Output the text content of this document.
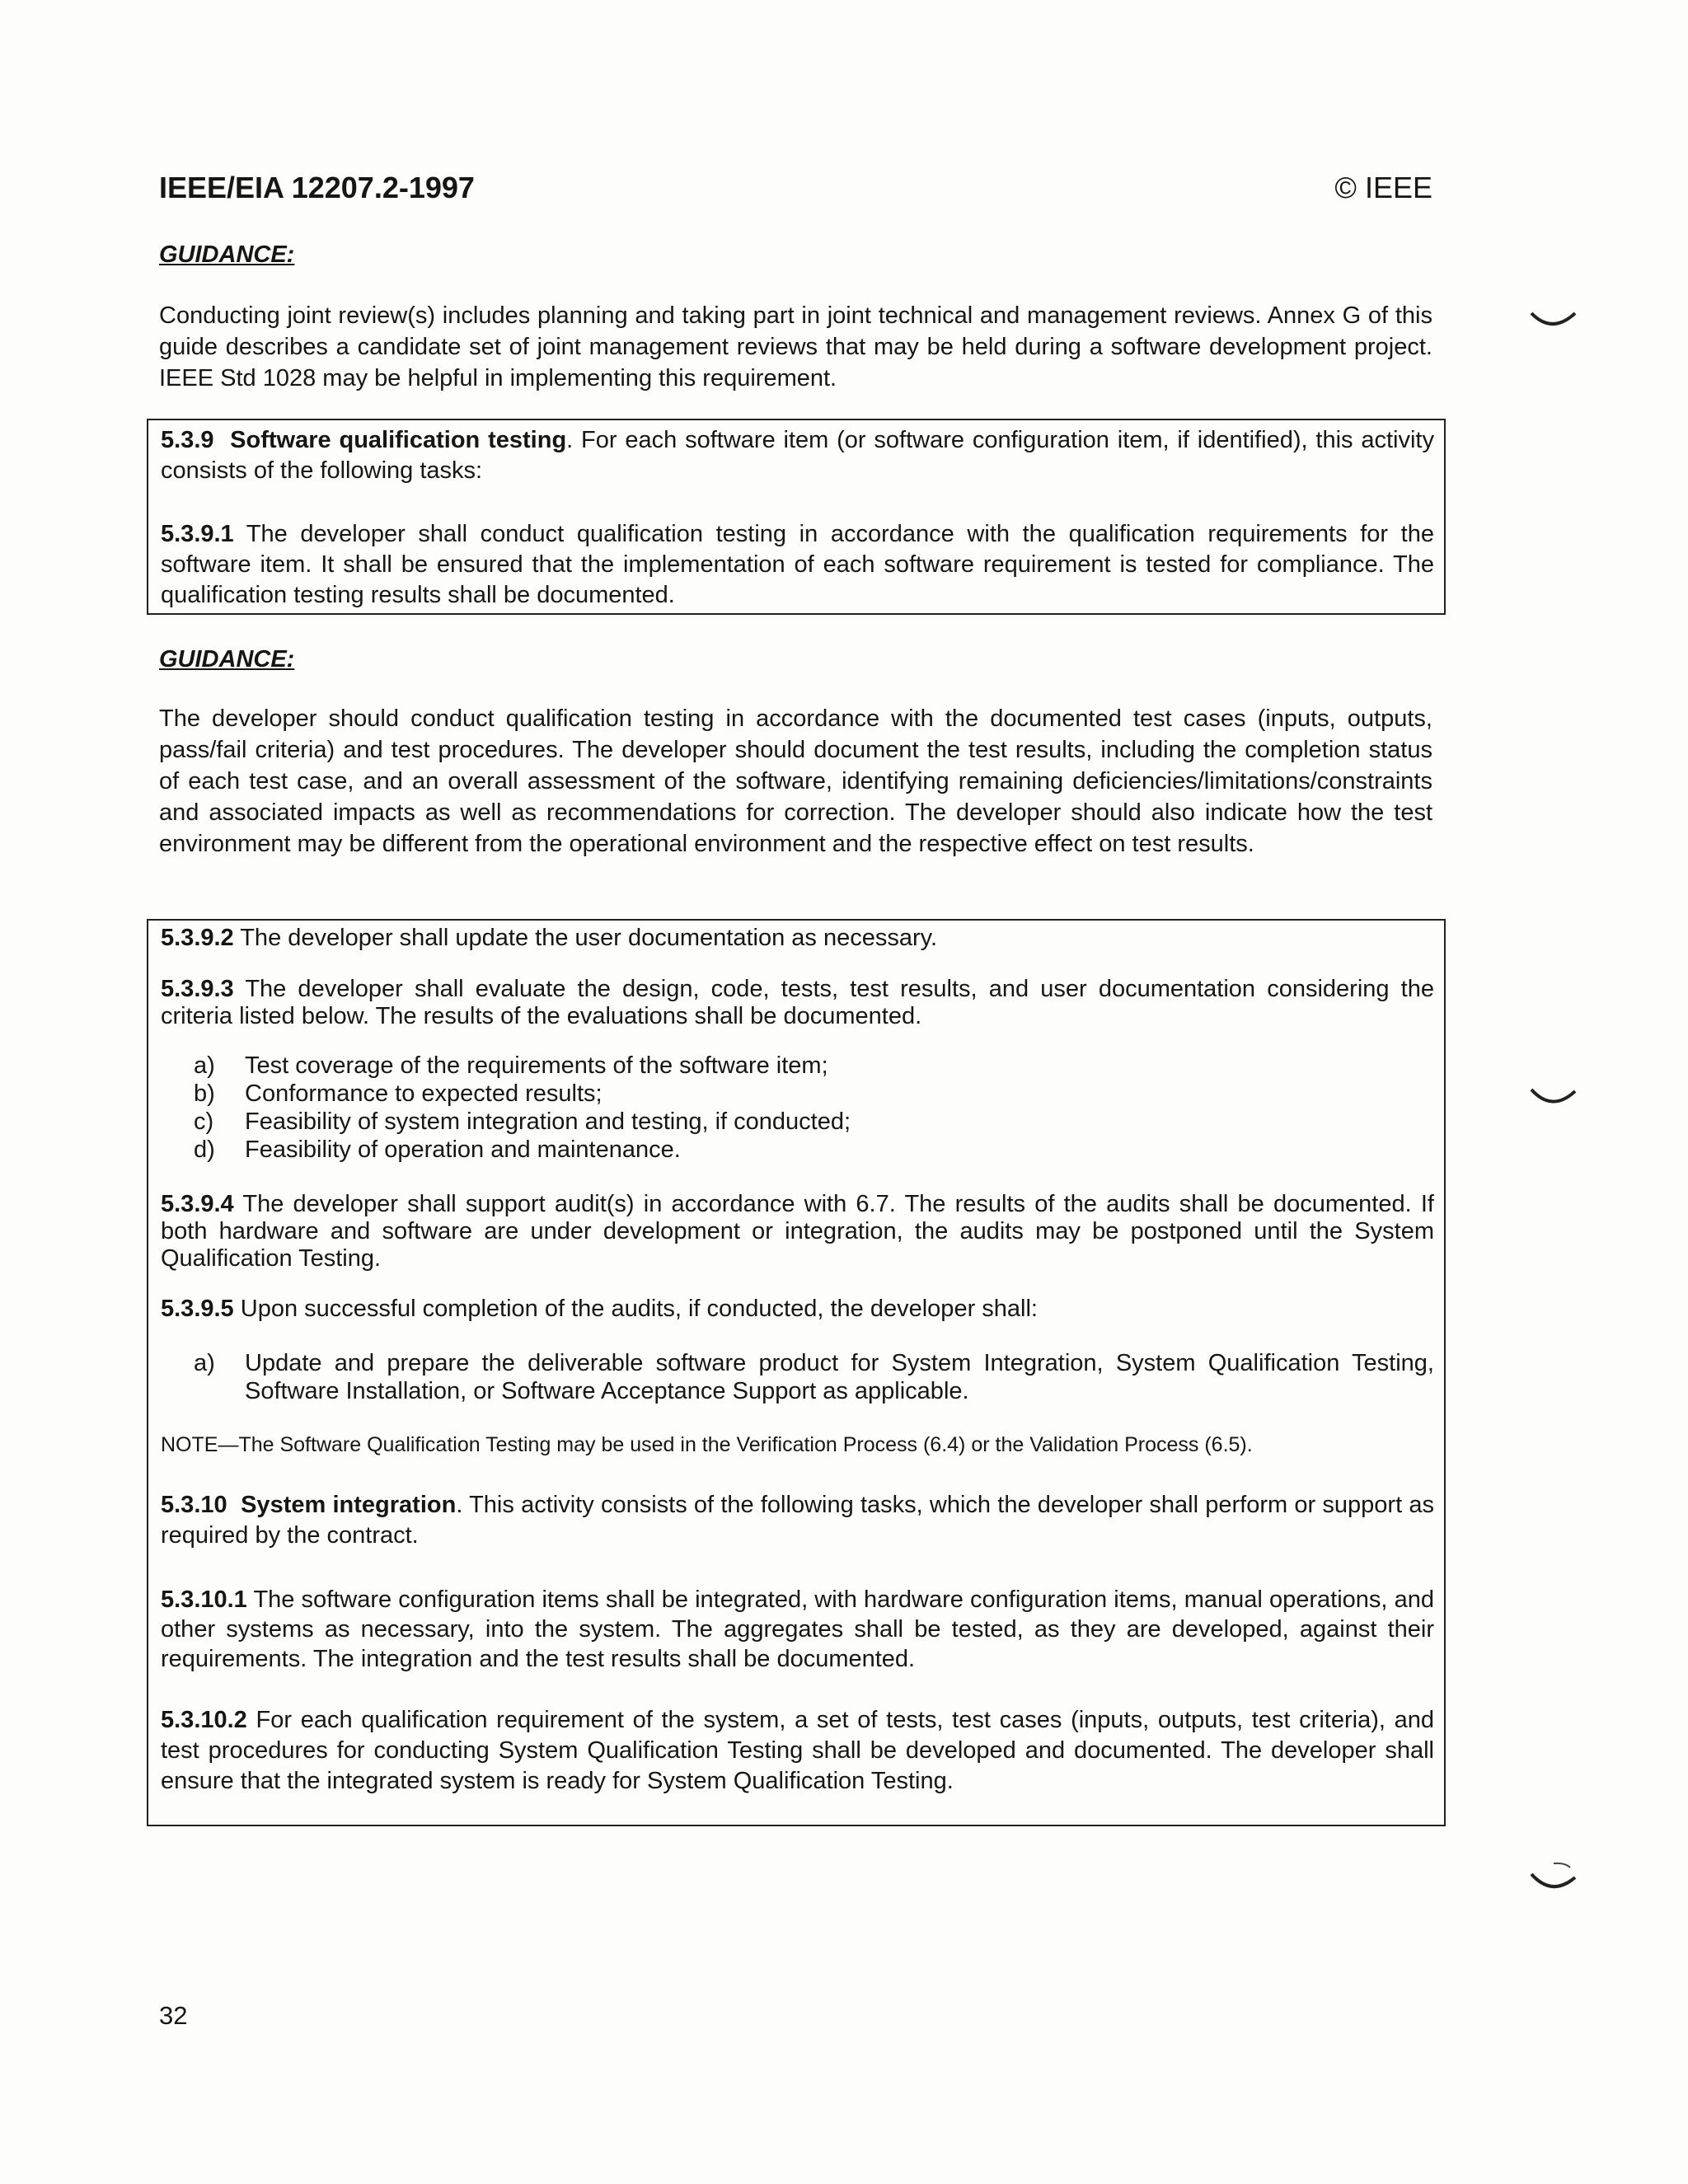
IEEE/EIA 12207.2-1997	© IEEE
GUIDANCE:

Conducting joint review(s) includes planning and taking part in joint technical and management reviews. Annex G of this guide describes a candidate set of joint management reviews that may be held during a software development project. IEEE Std 1028 may be helpful in implementing this requirement.

5.3.9 Software qualification testing. For each software item (or software configuration item, if identified), this activity consists of the following tasks:

5.3.9.1 The developer shall conduct qualification testing in accordance with the qualification requirements for the software item. It shall be ensured that the implementation of each software requirement is tested for compliance. The qualification testing results shall be documented.

GUIDANCE:

The developer should conduct qualification testing in accordance with the documented test cases (inputs, outputs, pass/fail criteria) and test procedures. The developer should document the test results, including the completion status of each test case, and an overall assessment of the software, identifying remaining deficiencies/limitations/constraints and associated impacts as well as recommendations for correction. The developer should also indicate how the test environment may be different from the operational environment and the respective effect on test results.

5.3.9.2 The developer shall update the user documentation as necessary.

5.3.9.3 The developer shall evaluate the design, code, tests, test results, and user documentation considering the criteria listed below. The results of the evaluations shall be documented.

a) Test coverage of the requirements of the software item;

b) Conformance to expected results;

c) Feasibility of system integration and testing, if conducted;

d) Feasibility of operation and maintenance.

5.3.9.4 The developer shall support audit(s) in accordance with 6.7. The results of the audits shall be documented. If both hardware and software are under development or integration, the audits may be postponed until the System Qualification Testing.

5.3.9.5 Upon successful completion of the audits, if conducted, the developer shall:

a) Update and prepare the deliverable software product for System Integration, System Qualification Testing, Software Installation, or Software Acceptance Support as applicable.

NOTE—The Software Qualification Testing may be used in the Verification Process (6.4) or the Validation Process (6.5).

5.3.10 System integration. This activity consists of the following tasks, which the developer shall perform or support as required by the contract.

5.3.10.1 The software configuration items shall be integrated, with hardware configuration items, manual operations, and other systems as necessary, into the system. The aggregates shall be tested, as they are developed, against their requirements. The integration and the test results shall be documented.

5.3.10.2 For each qualification requirement of the system, a set of tests, test cases (inputs, outputs, test criteria), and test procedures for conducting System Qualification Testing shall be developed and documented. The developer shall ensure that the integrated system is ready for System Qualification Testing.

32
